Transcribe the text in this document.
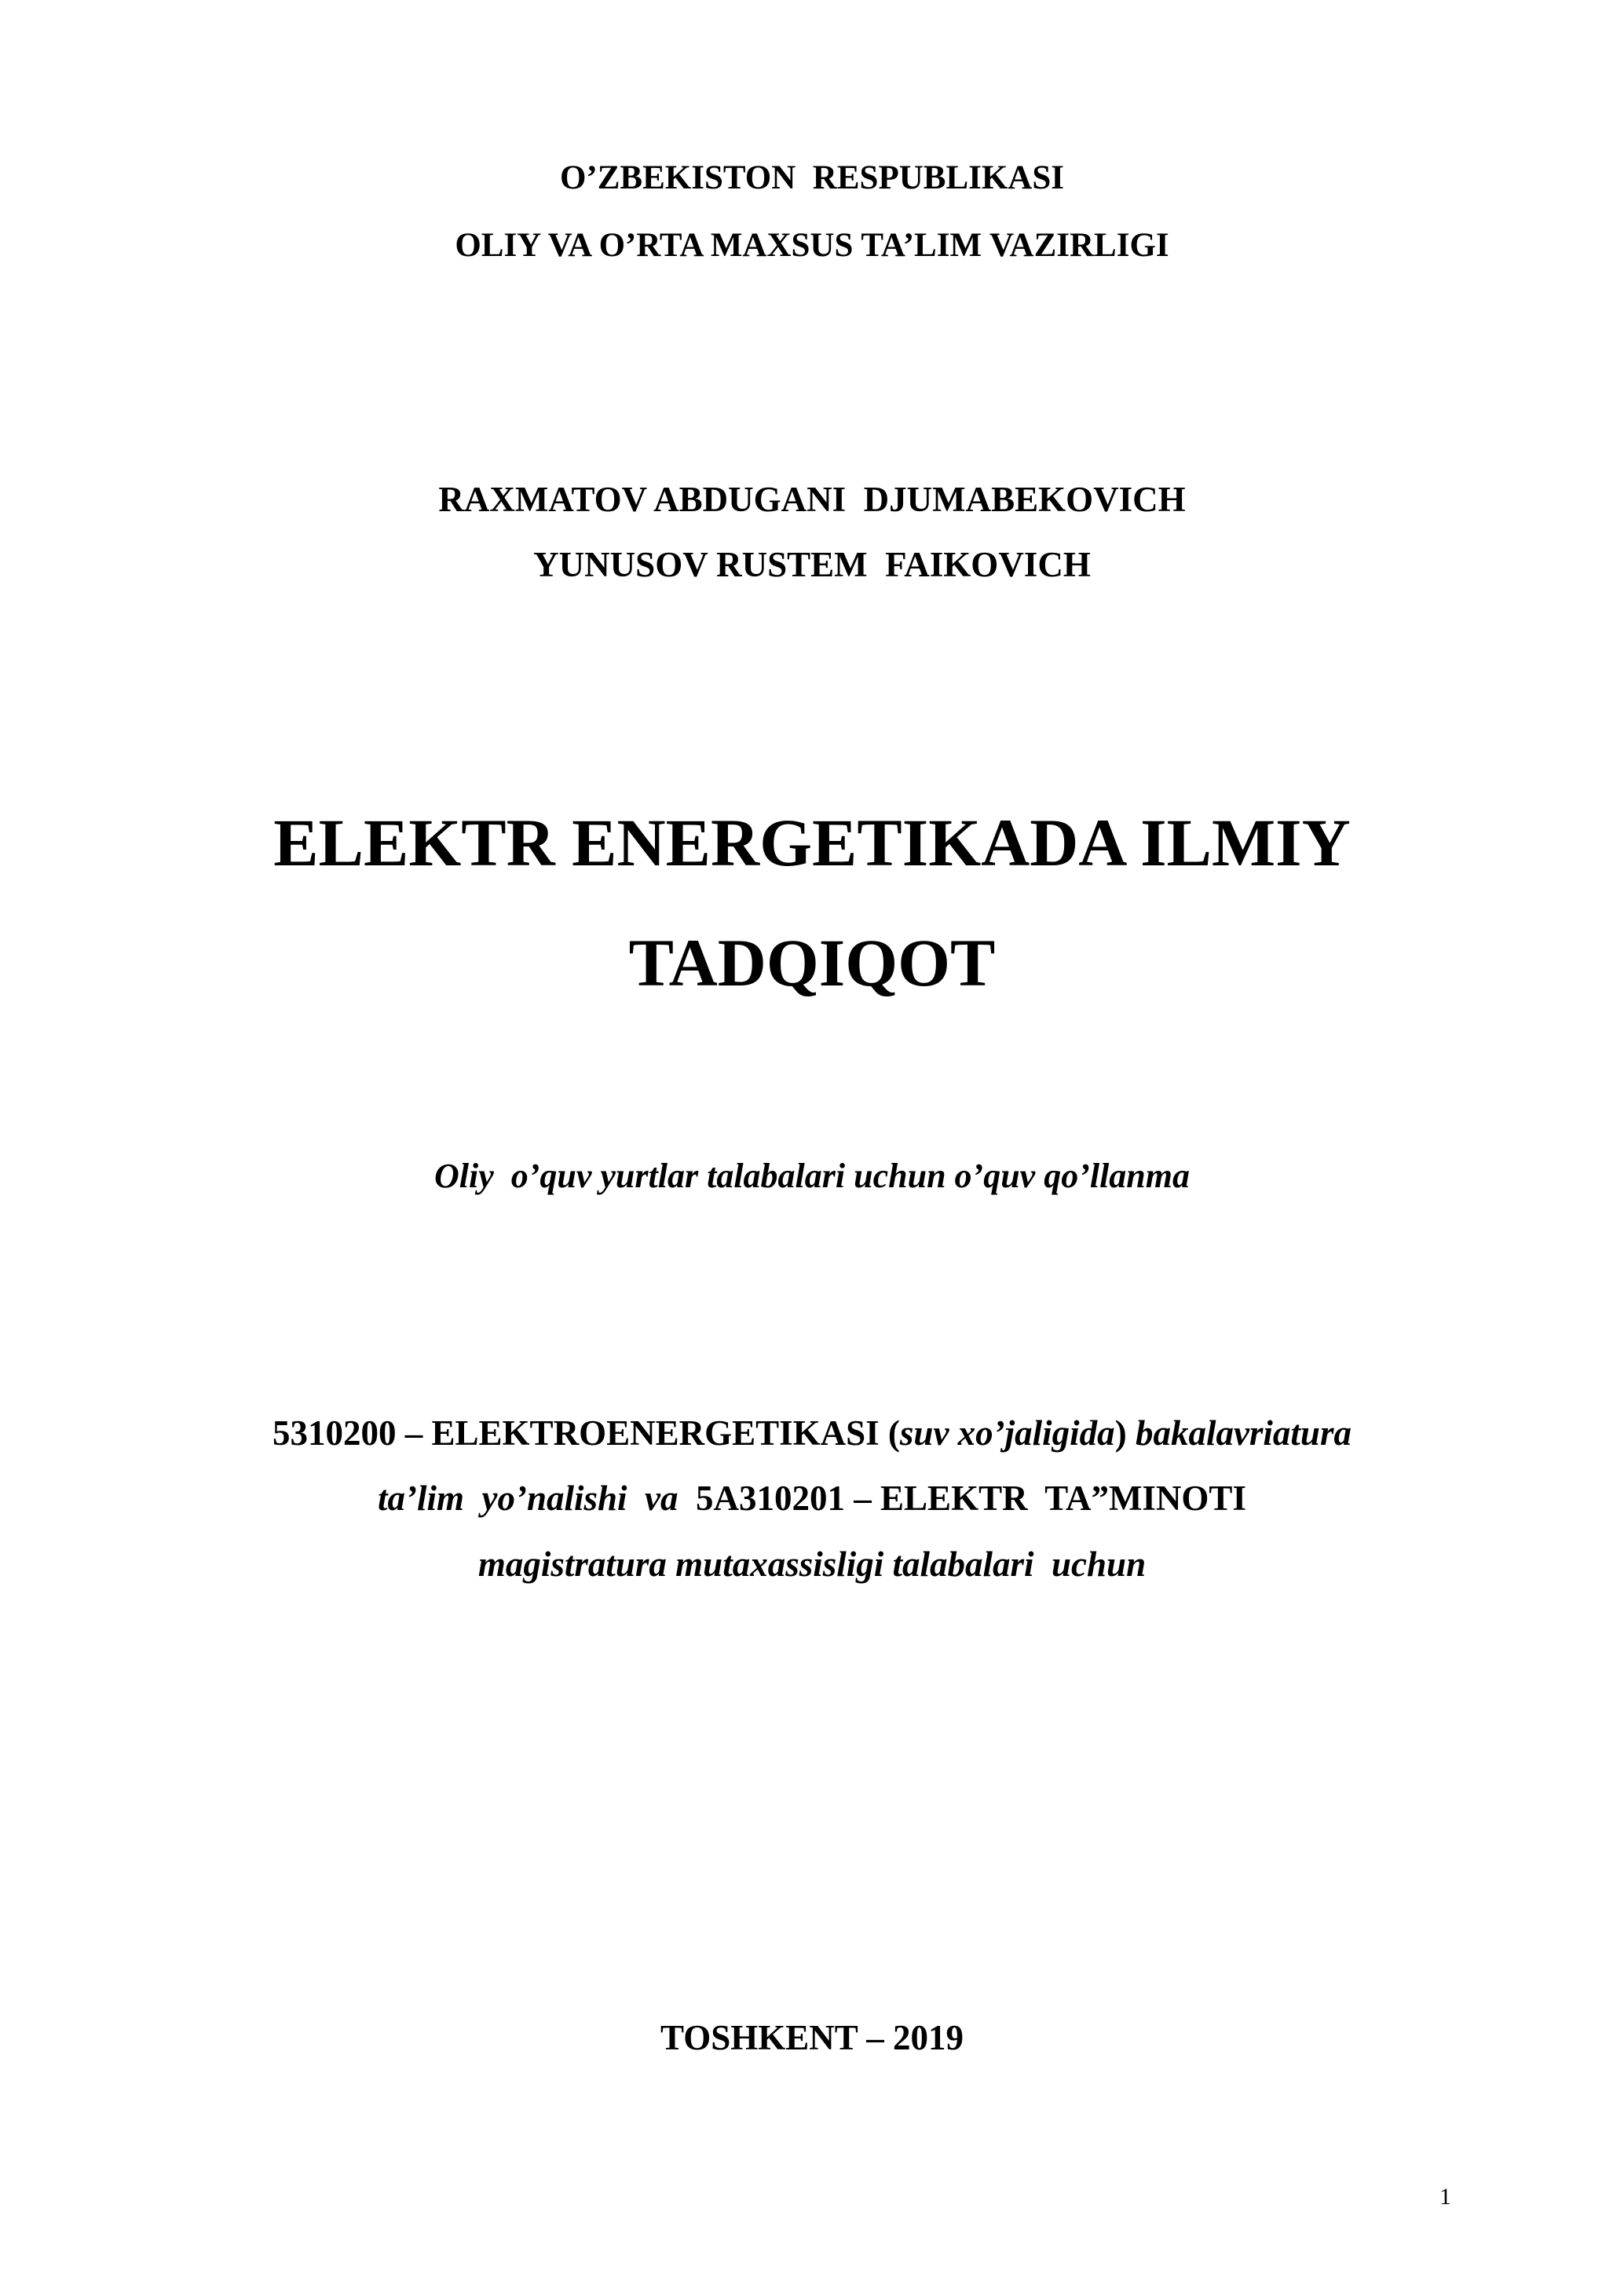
O’ZBEKISTON  RESPUBLIKASI

OLIY VA O’RTA MAXSUS TA’LIM VAZIRLIGI

RAXMATOV ABDUGANI  DJUMABEKOVICH

YUNUSOV RUSTEM  FAIKOVICH

ELEKTR ENERGETIKADA ILMIY

TADQIQOT

Oliy  o’quv yurtlar talabalari uchun o’quv qo’llanma

5310200 – ELEKTROENERGETIKASI (suv xo’jaligida) bakalavriatura

ta’lim  yo’nalishi  va  5A310201 – ELEKTR  TA”MINOTI

magistratura mutaxassisligi talabalari  uchun

TOSHKENT – 2019

1
